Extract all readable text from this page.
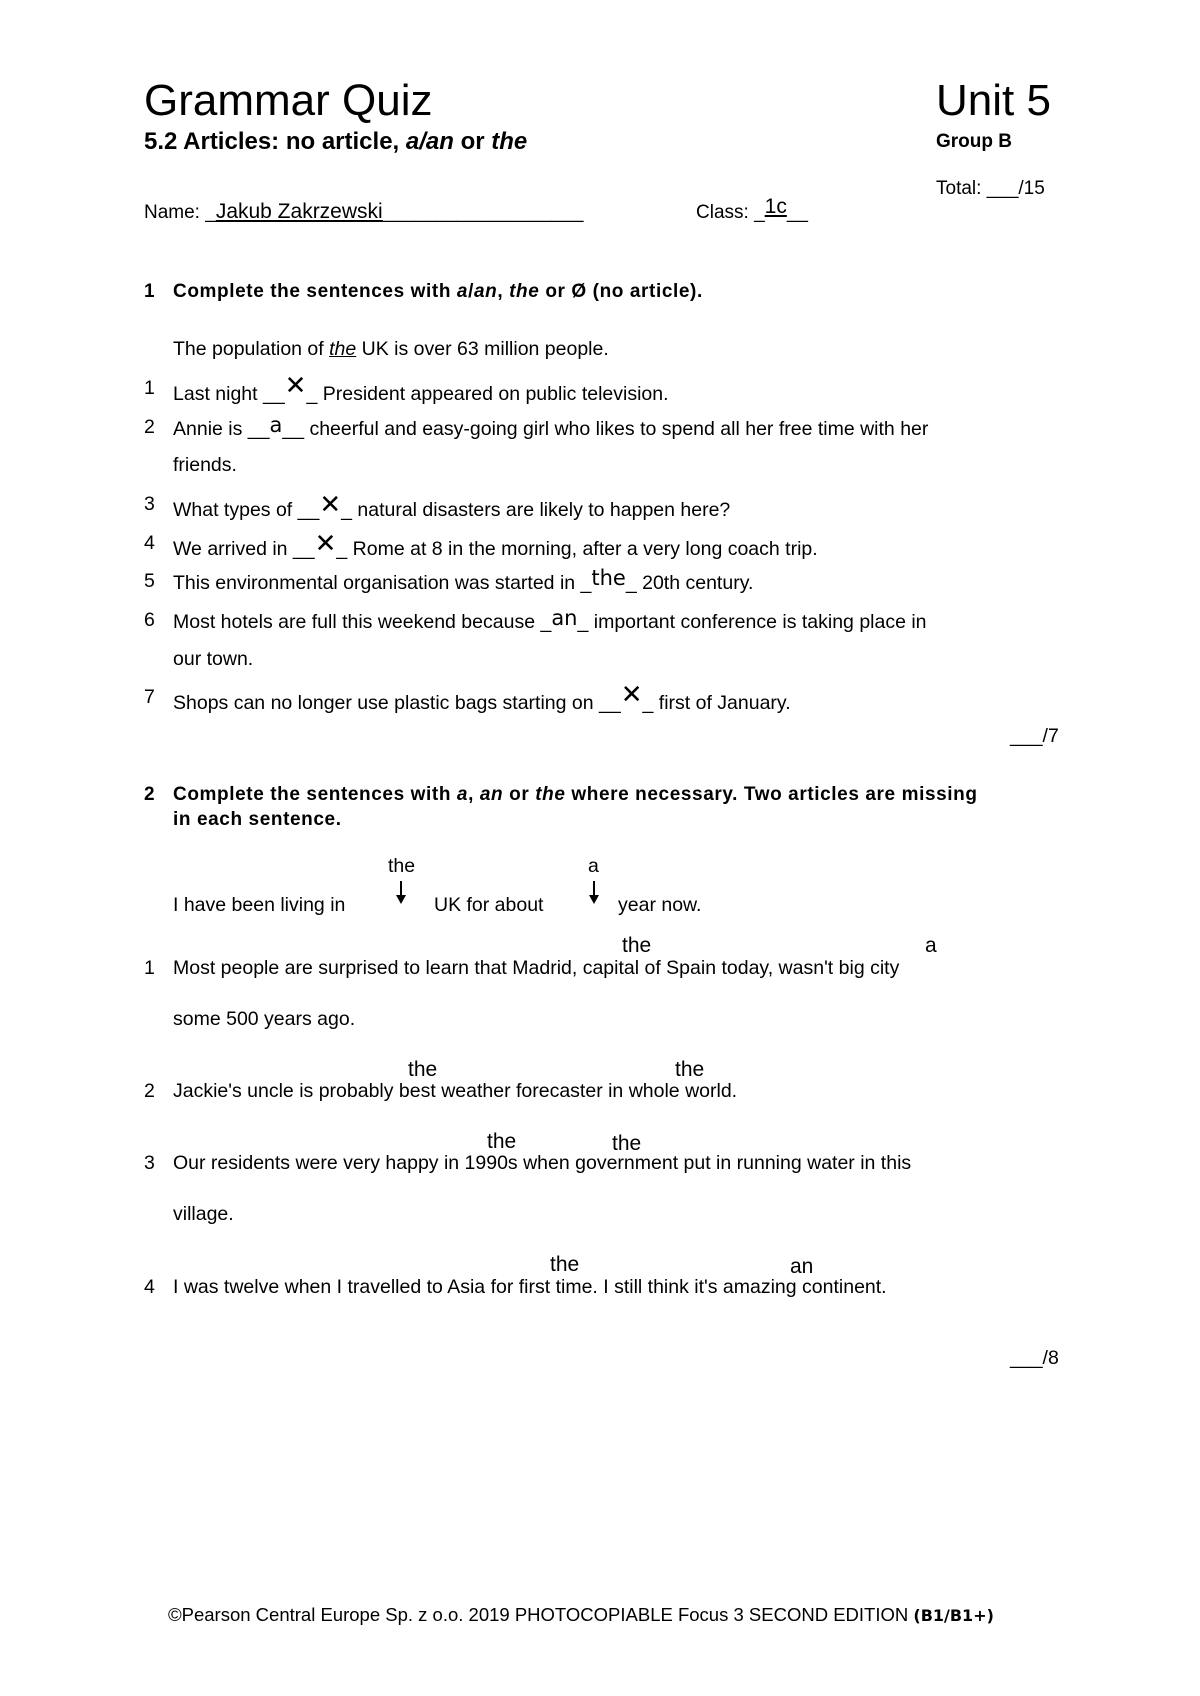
Grammar Quiz	Unit 5
5.2 Articles: no article, a/an or the	Group B
Total: ___/15
Name: _Jakub Zakrzewski___________________	Class: _1c__
1 Complete the sentences with a/an, the or Ø (no article).
The population of the UK is over 63 million people.
1 Last night __✕_ President appeared on public television.
2 Annie is __a__ cheerful and easy-going girl who likes to spend all her free time with her
friends.
3 What types of __✕_ natural disasters are likely to happen here?
4 We arrived in __✕_ Rome at 8 in the morning, after a very long coach trip.
5 This environmental organisation was started in _the_ 20th century.
6 Most hotels are full this weekend because _an_ important conference is taking place in
our town.
7 Shops can no longer use plastic bags starting on __✕_ first of January.
___/7
2 Complete the sentences with a, an or the where necessary. Two articles are missing
in each sentence.
the	a
I have been living in	UK for about	year now.
the	a
1 Most people are surprised to learn that Madrid, capital of Spain today, wasn't big city
some 500 years ago.
the	the
2 Jackie's uncle is probably best weather forecaster in whole world.
the	the
3 Our residents were very happy in 1990s when government put in running water in this
village.
the	an
4 I was twelve when I travelled to Asia for first time. I still think it's amazing continent.
___/8
©Pearson Central Europe Sp. z o.o. 2019 PHOTOCOPIABLE Focus 3 SECOND EDITION (B1/B1+)
